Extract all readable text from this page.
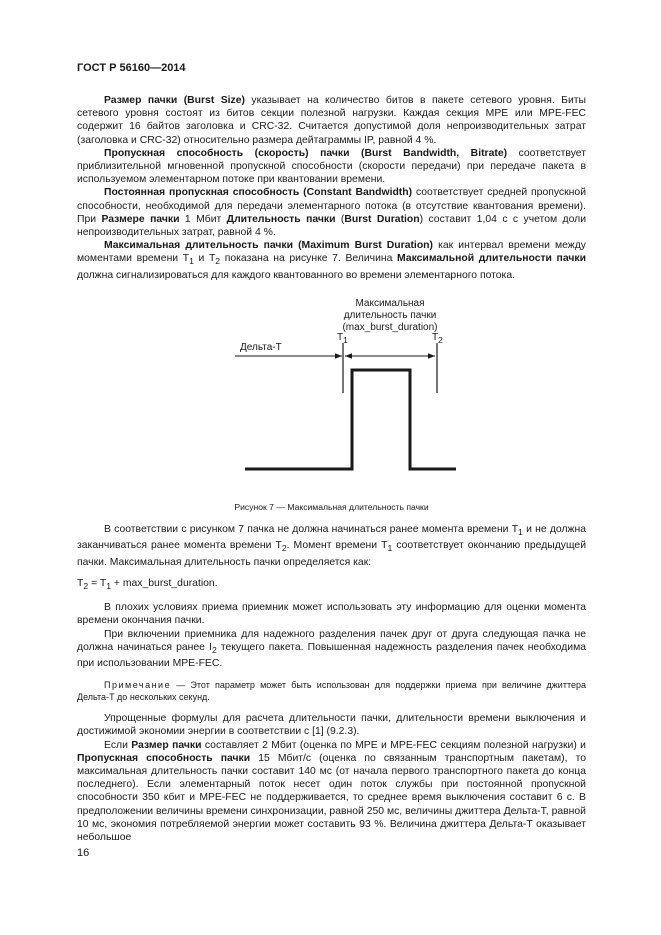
ГОСТ Р 56160—2014

Размер пачки (Burst Size) указывает на количество битов в пакете сетевого уровня. Биты сетевого уровня состоят из битов секции полезной нагрузки. Каждая секция MPE или MPE-FEC содержит 16 байтов заголовка и CRC-32. Считается допустимой доля непроизводительных затрат (заголовка и CRC-32) относительно размера дейтаграммы IP, равной 4 %.

Пропускная способность (скорость) пачки (Burst Bandwidth, Bitrate) соответствует приблизительной мгновенной пропускной способности (скорости передачи) при передаче пакета в используемом элементарном потоке при квантовании времени.

Постоянная пропускная способность (Constant Bandwidth) соответствует средней пропускной способности, необходимой для передачи элементарного потока (в отсутствие квантования времени). При Размере пачки 1 Мбит Длительность пачки (Burst Duration) составит 1,04 с с учетом доли непроизводительных затрат, равной 4 %.

Максимальная длительность пачки (Maximum Burst Duration) как интервал времени между моментами времени $T_1$ и $T_2$ показана на рисунке 7. Величина Максимальной длительности пачки должна сигнализироваться для каждого квантованного во времени элементарного потока.

Максимальная
длительность пачки
(max_burst_duration)
$T_1$	$T_2$
Дельта-Т
Рисунок 7 — Максимальная длительность пачки

В соответствии с рисунком 7 пачка не должна начинаться ранее момента времени $T_1$ и не должна заканчиваться ранее момента времени $T_2$. Момент времени $T_1$ соответствует окончанию предыдущей пачки. Максимальная длительность пачки определяется как:

$T_2 = T_1$ + max_burst_duration.

В плохих условиях приема приемник может использовать эту информацию для оценки момента времени окончания пачки.

При включении приемника для надежного разделения пачек друг от друга следующая пачка не должна начинаться ранее $I_2$ текущего пакета. Повышенная надежность разделения пачек необходима при использовании MPE-FEC.

Примечание — Этот параметр может быть использован для поддержки приема при величине джиттера Дельта-Т до нескольких секунд.

Упрощенные формулы для расчета длительности пачки, длительности времени выключения и достижимой экономии энергии в соответствии с [1] (9.2.3).

Если Размер пачки составляет 2 Мбит (оценка по MPE и MPE-FEC секциям полезной нагрузки) и Пропускная способность пачки 15 Мбит/с (оценка по связанным транспортным пакетам), то максимальная длительность пачки составит 140 мс (от начала первого транспортного пакета до конца последнего). Если элементарный поток несет один поток службы при постоянной пропускной способности 350 кбит и MPE-FEC не поддерживается, то среднее время выключения составит 6 с. В предположении величины времени синхронизации, равной 250 мс, величины джиттера Дельта-Т, равной 10 мс, экономия потребляемой энергии может составить 93 %. Величина джиттера Дельта-Т оказывает небольшое

16
